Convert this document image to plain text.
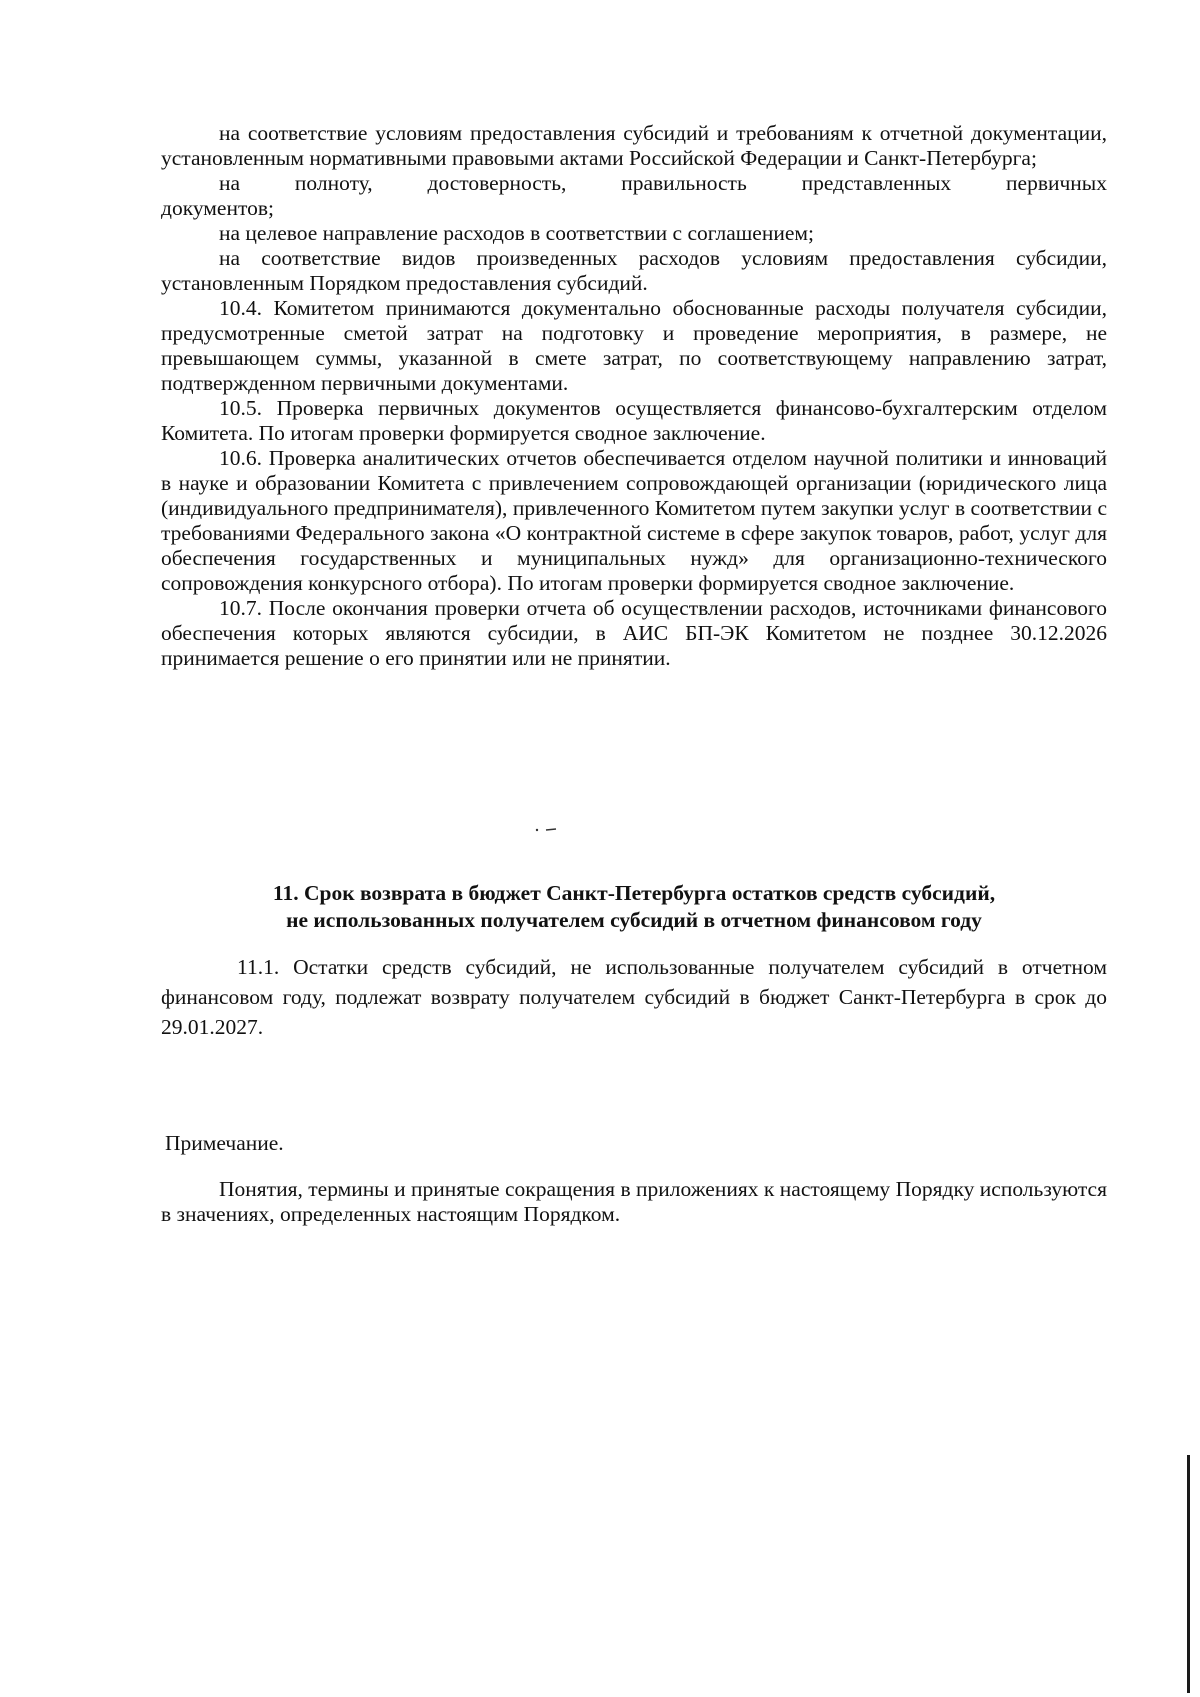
на соответствие условиям предоставления субсидий и требованиям к отчетной документации, установленным нормативными правовыми актами Российской Федерации и Санкт-Петербурга;

на полноту, достоверность, правильность представленных первичных

документов;

на целевое направление расходов в соответствии с соглашением;

на соответствие видов произведенных расходов условиям предоставления субсидии, установленным Порядком предоставления субсидий.

10.4. Комитетом принимаются документально обоснованные расходы получателя субсидии, предусмотренные сметой затрат на подготовку и проведение мероприятия, в размере, не превышающем суммы, указанной в смете затрат, по соответствующему направлению затрат, подтвержденном первичными документами.

10.5. Проверка первичных документов осуществляется финансово-бухгалтерским отделом Комитета. По итогам проверки формируется сводное заключение.

10.6. Проверка аналитических отчетов обеспечивается отделом научной политики и инноваций в науке и образовании Комитета с привлечением сопровождающей организации (юридического лица (индивидуального предпринимателя), привлеченного Комитетом путем закупки услуг в соответствии с требованиями Федерального закона «О контрактной системе в сфере закупок товаров, работ, услуг для обеспечения государственных и муниципальных нужд» для организационно-технического сопровождения конкурсного отбора). По итогам проверки формируется сводное заключение.

10.7. После окончания проверки отчета об осуществлении расходов, источниками финансового обеспечения которых являются субсидии, в АИС БП-ЭК Комитетом не позднее 30.12.2026 принимается решение о его принятии или не принятии.

11. Срок возврата в бюджет Санкт-Петербурга остатков средств субсидий,
не использованных получателем субсидий в отчетном финансовом году

11.1. Остатки средств субсидий, не использованные получателем субсидий в отчетном финансовом году, подлежат возврату получателем субсидий в бюджет Санкт-Петербурга в срок до 29.01.2027.

Примечание.

Понятия, термины и принятые сокращения в приложениях к настоящему Порядку используются в значениях, определенных настоящим Порядком.
